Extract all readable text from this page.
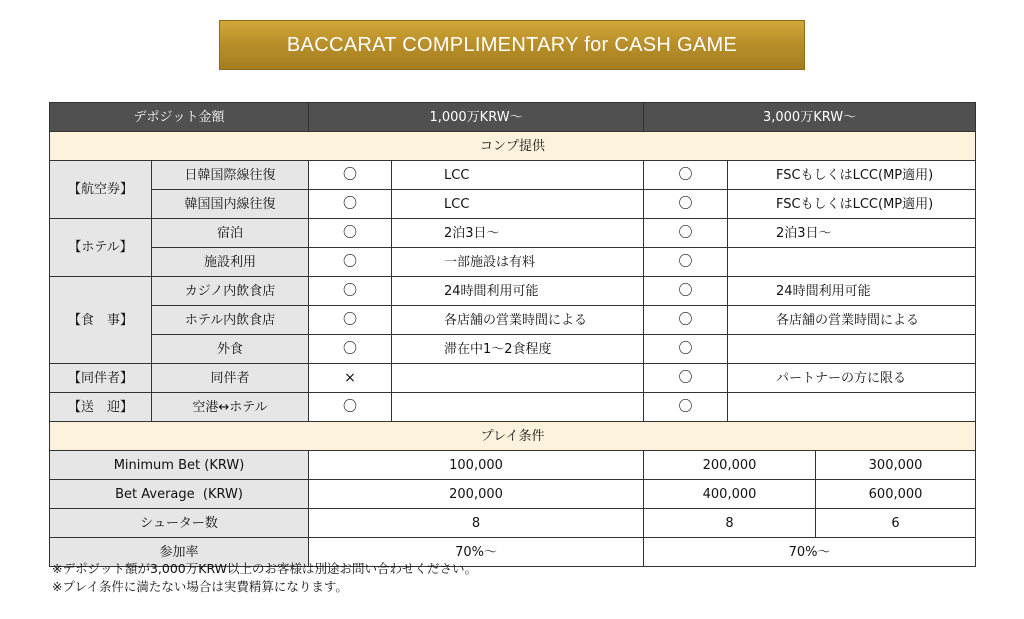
BACCARAT COMPLIMENTARY for CASH GAME
デポジット金額		1,000万KRW〜		3,000万KRW〜		
コンプ提供						
【航空券】	日韓国際線往復	〇	LCC	〇	FSCもしくはLCC(MP適用)	
	韓国国内線往復	〇	LCC	〇	FSCもしくはLCC(MP適用)	
【ホテル】	宿泊	〇	2泊3日〜	〇	2泊3日〜	
	施設利用	〇	一部施設は有料	〇		
【食　事】	カジノ内飲食店	〇	24時間利用可能	〇	24時間利用可能	
	ホテル内飲食店	〇	各店舗の営業時間による	〇	各店舗の営業時間による	
	外食	〇	滞在中1〜2食程度	〇		
【同伴者】	同伴者	×		〇	パートナーの方に限る	
【送　迎】	空港↔ホテル	〇		〇		
プレイ条件						
Minimum Bet (KRW)		100,000		200,000		300,000
Bet Average  (KRW)		200,000		400,000		600,000
シューター数		8		8		6
参加率		70%〜		70%〜		
※デポジット額が3,000万KRW以上のお客様は別途お問い合わせください。
※プレイ条件に満たない場合は実費精算になります。
